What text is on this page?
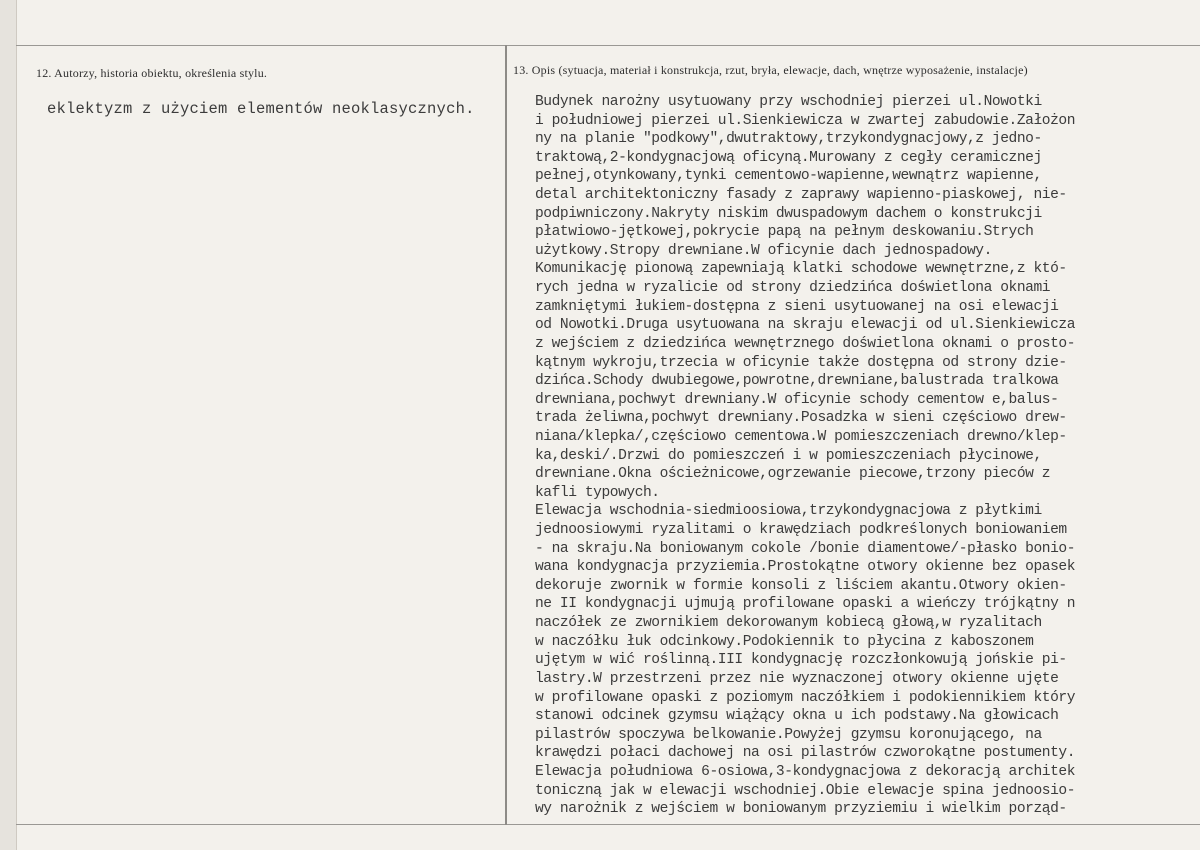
12. Autorzy, historia obiektu, określenia stylu.
eklektyzm z użyciem elementów neoklasycznych.
13. Opis (sytuacja, materiał i konstrukcja, rzut, bryła, elewacje, dach, wnętrze wyposażenie, instalacje)
Budynek narożny usytuowany przy wschodniej pierzei ul.Nowotki
i południowej pierzei ul.Sienkiewicza w zwartej zabudowie.Założon
ny na planie "podkowy",dwutraktowy,trzykondygnacjowy,z jedno-
traktową,2-kondygnacjową oficyną.Murowany z cegły ceramicznej
pełnej,otynkowany,tynki cementowo-wapienne,wewnątrz wapienne,
detal architektoniczny fasady z zaprawy wapienno-piaskowej, nie-
podpiwniczony.Nakryty niskim dwuspadowym dachem o konstrukcji
płatwiowo-jętkowej,pokrycie papą na pełnym deskowaniu.Strych
użytkowy.Stropy drewniane.W oficynie dach jednospadowy.
Komunikację pionową zapewniają klatki schodowe wewnętrzne,z któ-
rych jedna w ryzalicie od strony dziedzińca doświetlona oknami
zamkniętymi łukiem-dostępna z sieni usytuowanej na osi elewacji
od Nowotki.Druga usytuowana na skraju elewacji od ul.Sienkiewicza
z wejściem z dziedzińca wewnętrznego doświetlona oknami o prosto-
kątnym wykroju,trzecia w oficynie także dostępna od strony dzie-
dzińca.Schody dwubiegowe,powrotne,drewniane,balustrada tralkowa
drewniana,pochwyt drewniany.W oficynie schody cementow e,balus-
trada żeliwna,pochwyt drewniany.Posadzka w sieni częściowo drew-
niana/klepka/,częściowo cementowa.W pomieszczeniach drewno/klep-
ka,deski/.Drzwi do pomieszczeń i w pomieszczeniach płycinowe,
drewniane.Okna ościeżnicowe,ogrzewanie piecowe,trzony pieców z
kafli typowych.
Elewacja wschodnia-siedmioosiowa,trzykondygnacjowa z płytkimi
jednoosiowymi ryzalitami o krawędziach podkreślonych boniowaniem
- na skraju.Na boniowanym cokole /bonie diamentowe/-płasko bonio-
wana kondygnacja przyziemia.Prostokątne otwory okienne bez opasek
dekoruje zwornik w formie konsoli z liściem akantu.Otwory okien-
ne II kondygnacji ujmują profilowane opaski a wieńczy trójkątny n
naczółek ze zwornikiem dekorowanym kobiecą głową,w ryzalitach
w naczółku łuk odcinkowy.Podokiennik to płycina z kaboszonem
ujętym w wić roślinną.III kondygnację rozczłonkowują jońskie pi-
lastry.W przestrzeni przez nie wyznaczonej otwory okienne ujęte
w profilowane opaski z poziomym naczółkiem i podokiennikiem który
stanowi odcinek gzymsu wiążący okna u ich podstawy.Na głowicach
pilastrów spoczywa belkowanie.Powyżej gzymsu koronującego, na
krawędzi połaci dachowej na osi pilastrów czworokątne postumenty.
Elewacja południowa 6-osiowa,3-kondygnacjowa z dekoracją architek
toniczną jak w elewacji wschodniej.Obie elewacje spina jednoosio-
wy narożnik z wejściem w boniowanym przyziemiu i wielkim porząd-
